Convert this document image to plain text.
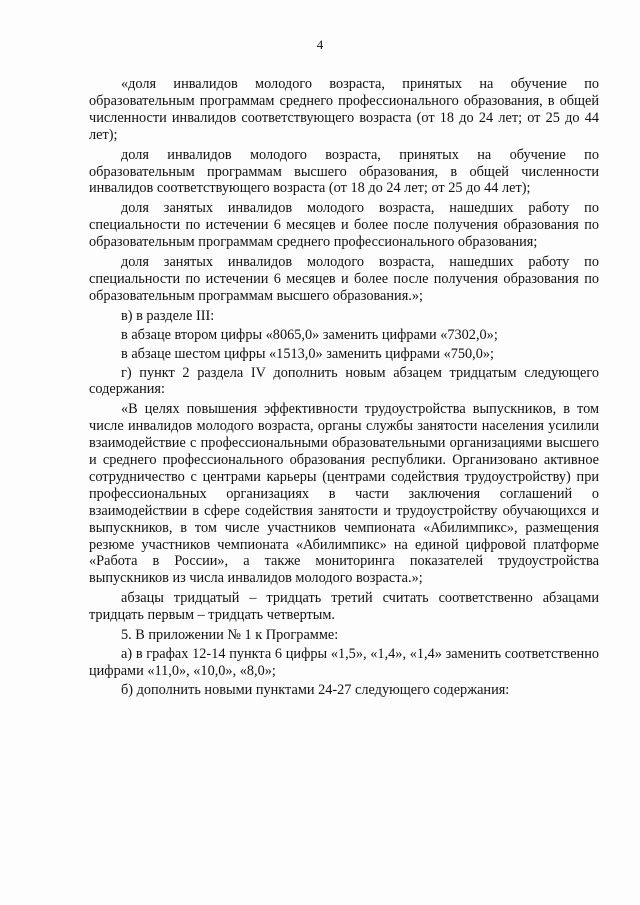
4

«доля инвалидов молодого возраста, принятых на обучение по образовательным программам среднего профессионального образования, в общей численности инвалидов соответствующего возраста (от 18 до 24 лет; от 25 до 44 лет);

доля инвалидов молодого возраста, принятых на обучение по образовательным программам высшего образования, в общей численности инвалидов соответствующего возраста (от 18 до 24 лет; от 25 до 44 лет);

доля занятых инвалидов молодого возраста, нашедших работу по специальности по истечении 6 месяцев и более после получения образования по образовательным программам среднего профессионального образования;

доля занятых инвалидов молодого возраста, нашедших работу по специальности по истечении 6 месяцев и более после получения образования по образовательным программам высшего образования.»;

в) в разделе III:

в абзаце втором цифры «8065,0» заменить цифрами «7302,0»;

в абзаце шестом цифры «1513,0» заменить цифрами «750,0»;

г) пункт 2 раздела IV дополнить новым абзацем тридцатым следующего содержания:

«В целях повышения эффективности трудоустройства выпускников, в том числе инвалидов молодого возраста, органы службы занятости населения усилили взаимодействие с профессиональными образовательными организациями высшего и среднего профессионального образования республики. Организовано активное сотрудничество с центрами карьеры (центрами содействия трудоустройству) при профессиональных организациях в части заключения соглашений о взаимодействии в сфере содействия занятости и трудоустройству обучающихся и выпускников, в том числе участников чемпионата «Абилимпикс», размещения резюме участников чемпионата «Абилимпикс» на единой цифровой платформе «Работа в России», а также мониторинга показателей трудоустройства выпускников из числа инвалидов молодого возраста.»;

абзацы тридцатый – тридцать третий считать соответственно абзацами тридцать первым – тридцать четвертым.

5. В приложении № 1 к Программе:

а) в графах 12-14 пункта 6 цифры «1,5», «1,4», «1,4» заменить соответственно цифрами «11,0», «10,0», «8,0»;

б) дополнить новыми пунктами 24-27 следующего содержания:
